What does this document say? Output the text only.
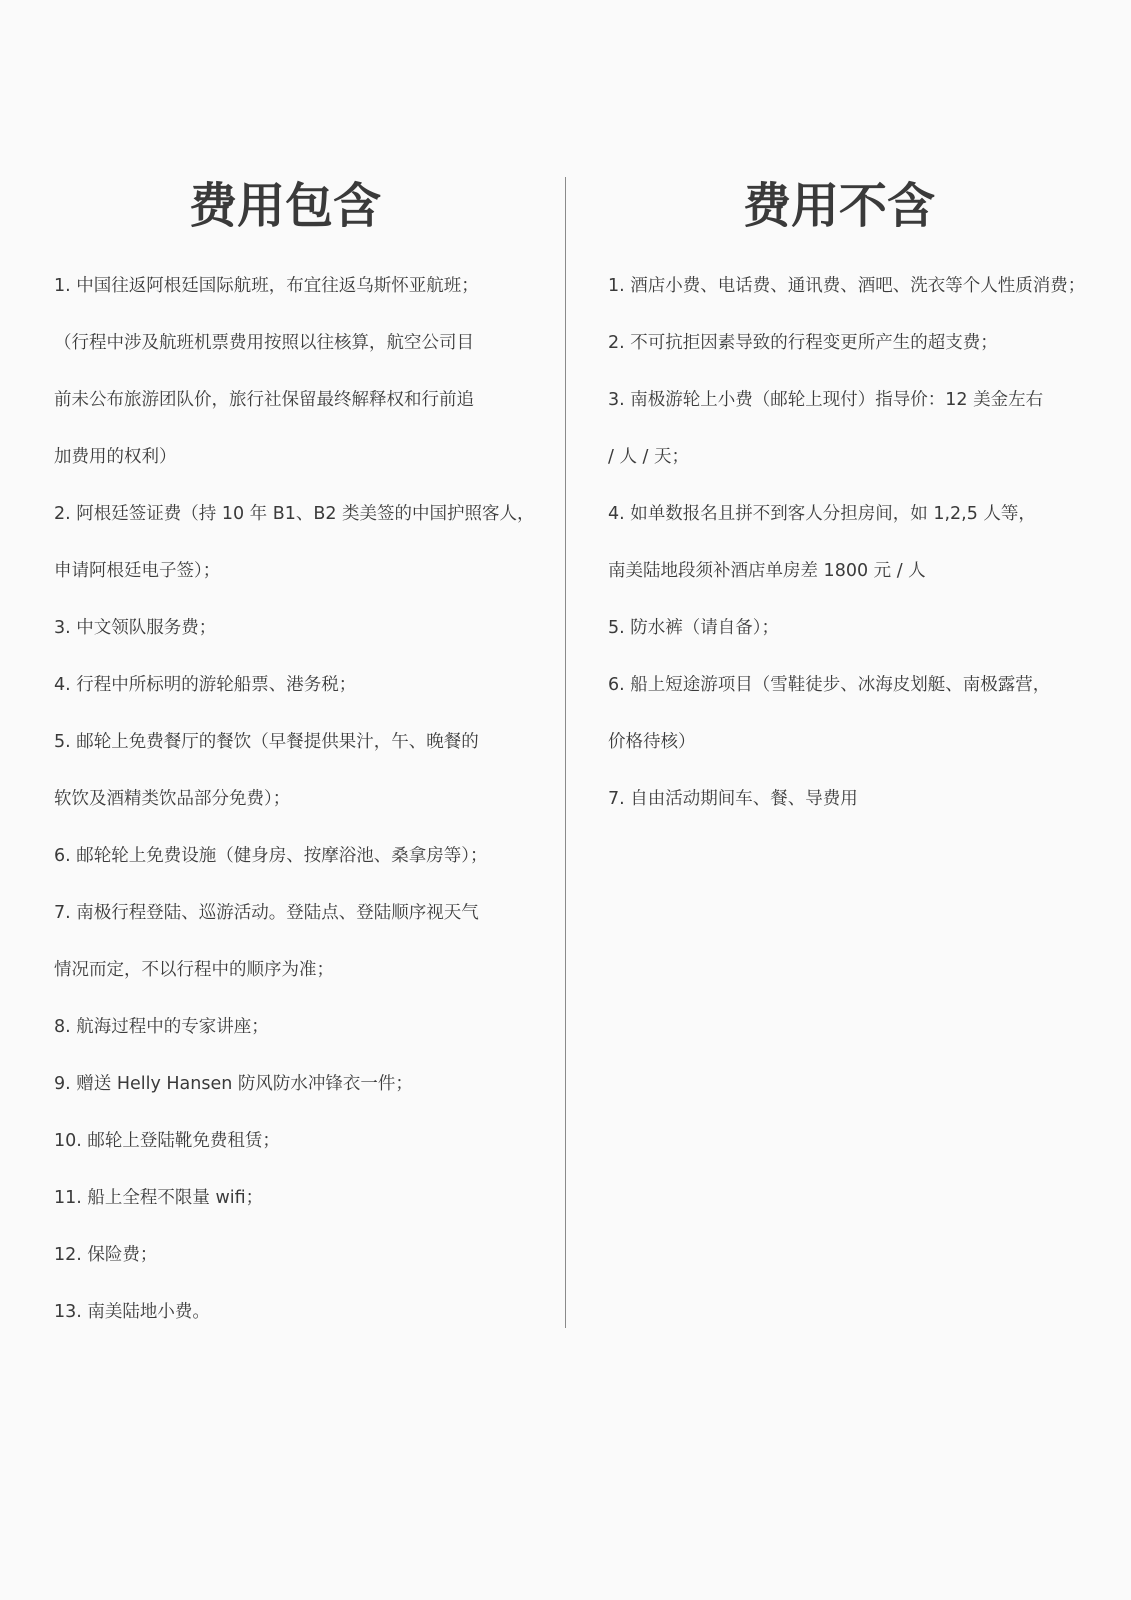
费用包含
1. 中国往返阿根廷国际航班，布宜往返乌斯怀亚航班；
（行程中涉及航班机票费用按照以往核算，航空公司目
前未公布旅游团队价，旅行社保留最终解释权和行前追
加费用的权利）
2. 阿根廷签证费（持 10 年 B1、B2 类美签的中国护照客人，
申请阿根廷电子签）；
3. 中文领队服务费；
4. 行程中所标明的游轮船票、港务税；
5. 邮轮上免费餐厅的餐饮（早餐提供果汁，午、晚餐的
软饮及酒精类饮品部分免费）；
6. 邮轮轮上免费设施（健身房、按摩浴池、桑拿房等）；
7. 南极行程登陆、巡游活动。登陆点、登陆顺序视天气
情况而定，不以行程中的顺序为准；
8. 航海过程中的专家讲座；
9. 赠送 Helly Hansen 防风防水冲锋衣一件；
10. 邮轮上登陆靴免费租赁；
11. 船上全程不限量 wifi；
12. 保险费；
13. 南美陆地小费。
费用不含
1. 酒店小费、电话费、通讯费、酒吧、洗衣等个人性质消费；
2. 不可抗拒因素导致的行程变更所产生的超支费；
3. 南极游轮上小费（邮轮上现付）指导价：12 美金左右
/ 人 / 天；
4. 如单数报名且拼不到客人分担房间，如 1,2,5 人等，
南美陆地段须补酒店单房差 1800 元 / 人
5. 防水裤（请自备）；
6. 船上短途游项目（雪鞋徒步、冰海皮划艇、南极露营，
价格待核）
7. 自由活动期间车、餐、导费用
